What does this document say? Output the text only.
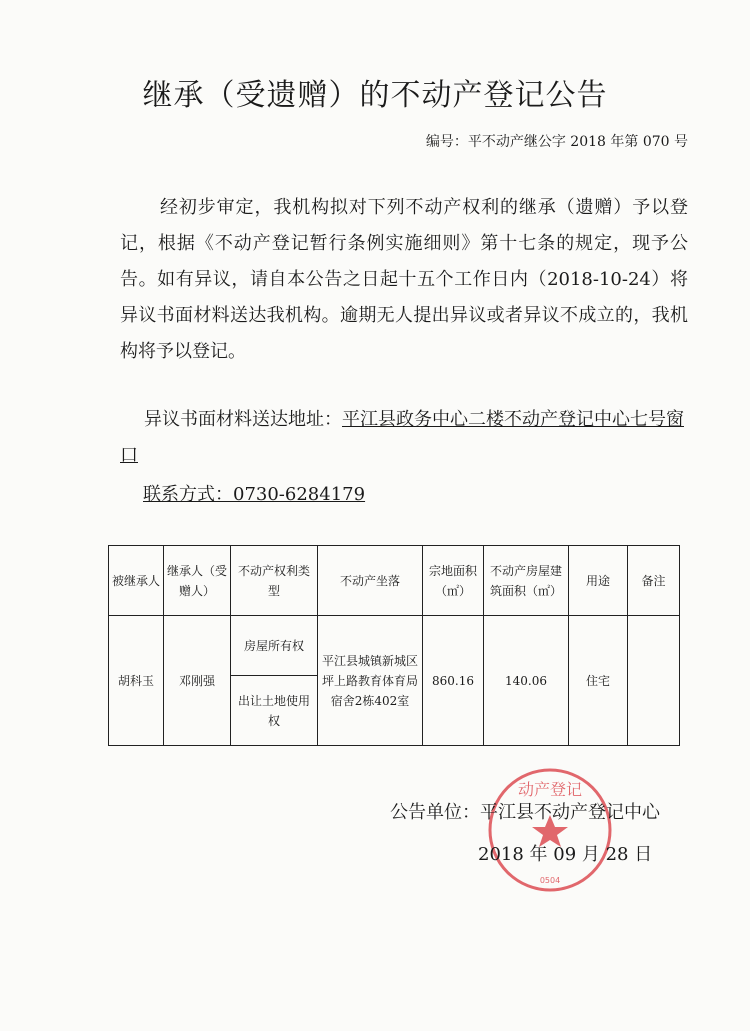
继承（受遗赠）的不动产登记公告
编号：平不动产继公字 2018 年第 070 号
经初步审定，我机构拟对下列不动产权利的继承（遗赠）予以登记，根据《不动产登记暂行条例实施细则》第十七条的规定，现予公告。如有异议，请自本公告之日起十五个工作日内（2018-10-24）将异议书面材料送达我机构。逾期无人提出异议或者异议不成立的，我机构将予以登记。
异议书面材料送达地址：平江县政务中心二楼不动产登记中心七号窗口
联系方式：0730-6284179
被继承人	继承人（受赠人）	不动产权利类 型	不动产坐落	宗地面积（㎡）	不动产房屋建筑面积（㎡）	用途	备注
胡科玉	邓刚强	房屋所有权	平江县城镇新城区坪上路教育体育局宿舍2栋402室	860.16	140.06	住宅	
		出让土地使用权					
动产登记
0504
公告单位：平江县不动产登记中心
2018 年 09 月 28 日
